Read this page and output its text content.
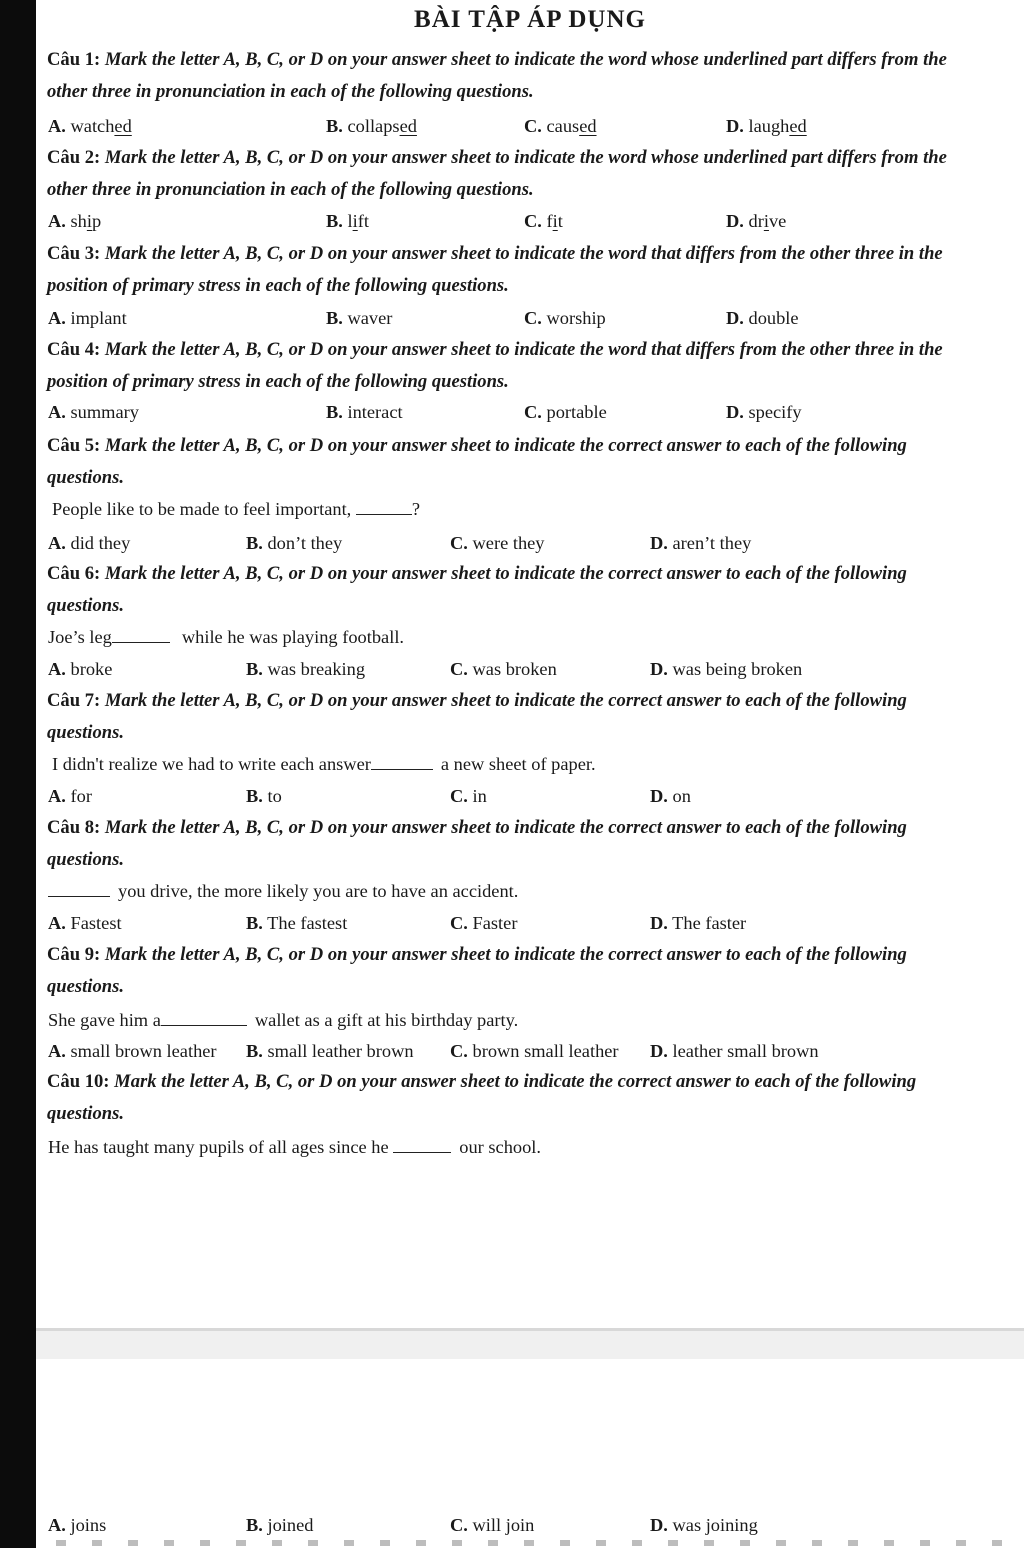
BÀI TẬP ÁP DỤNG
Câu 1: Mark the letter A, B, C, or D on your answer sheet to indicate the word whose underlined part differs from the other three in pronunciation in each of the following questions.
A. watched	B. collapsed	C. caused	D. laughed
Câu 2: Mark the letter A, B, C, or D on your answer sheet to indicate the word whose underlined part differs from the other three in pronunciation in each of the following questions.
A. ship	B. lift	C. fit	D. drive
Câu 3: Mark the letter A, B, C, or D on your answer sheet to indicate the word that differs from the other three in the position of primary stress in each of the following questions.
A. implant	B. waver	C. worship	D. double
Câu 4: Mark the letter A, B, C, or D on your answer sheet to indicate the word that differs from the other three in the position of primary stress in each of the following questions.
A. summary	B. interact	C. portable	D. specify
Câu 5: Mark the letter A, B, C, or D on your answer sheet to indicate the correct answer to each of the following questions.
People like to be made to feel important,	?
A. did they	B. don’t they	C. were they	D. aren’t they
Câu 6: Mark the letter A, B, C, or D on your answer sheet to indicate the correct answer to each of the following questions.
Joe’s leg	while he was playing football.
A. broke	B. was breaking	C. was broken	D. was being broken
Câu 7: Mark the letter A, B, C, or D on your answer sheet to indicate the correct answer to each of the following questions.
I didn't realize we had to write each answer	a new sheet of paper.
A. for	B. to	C. in	D. on
Câu 8: Mark the letter A, B, C, or D on your answer sheet to indicate the correct answer to each of the following questions.
you drive, the more likely you are to have an accident.
A. Fastest	B. The fastest	C. Faster	D. The faster
Câu 9: Mark the letter A, B, C, or D on your answer sheet to indicate the correct answer to each of the following questions.
She gave him a	wallet as a gift at his birthday party.
A. small brown leather B. small leather brown C. brown small leather D. leather small brown
Câu 10: Mark the letter A, B, C, or D on your answer sheet to indicate the correct answer to each of the following questions.
He has taught many pupils of all ages since he	our school.
A. joins	B. joined	C. will join	D. was joining
